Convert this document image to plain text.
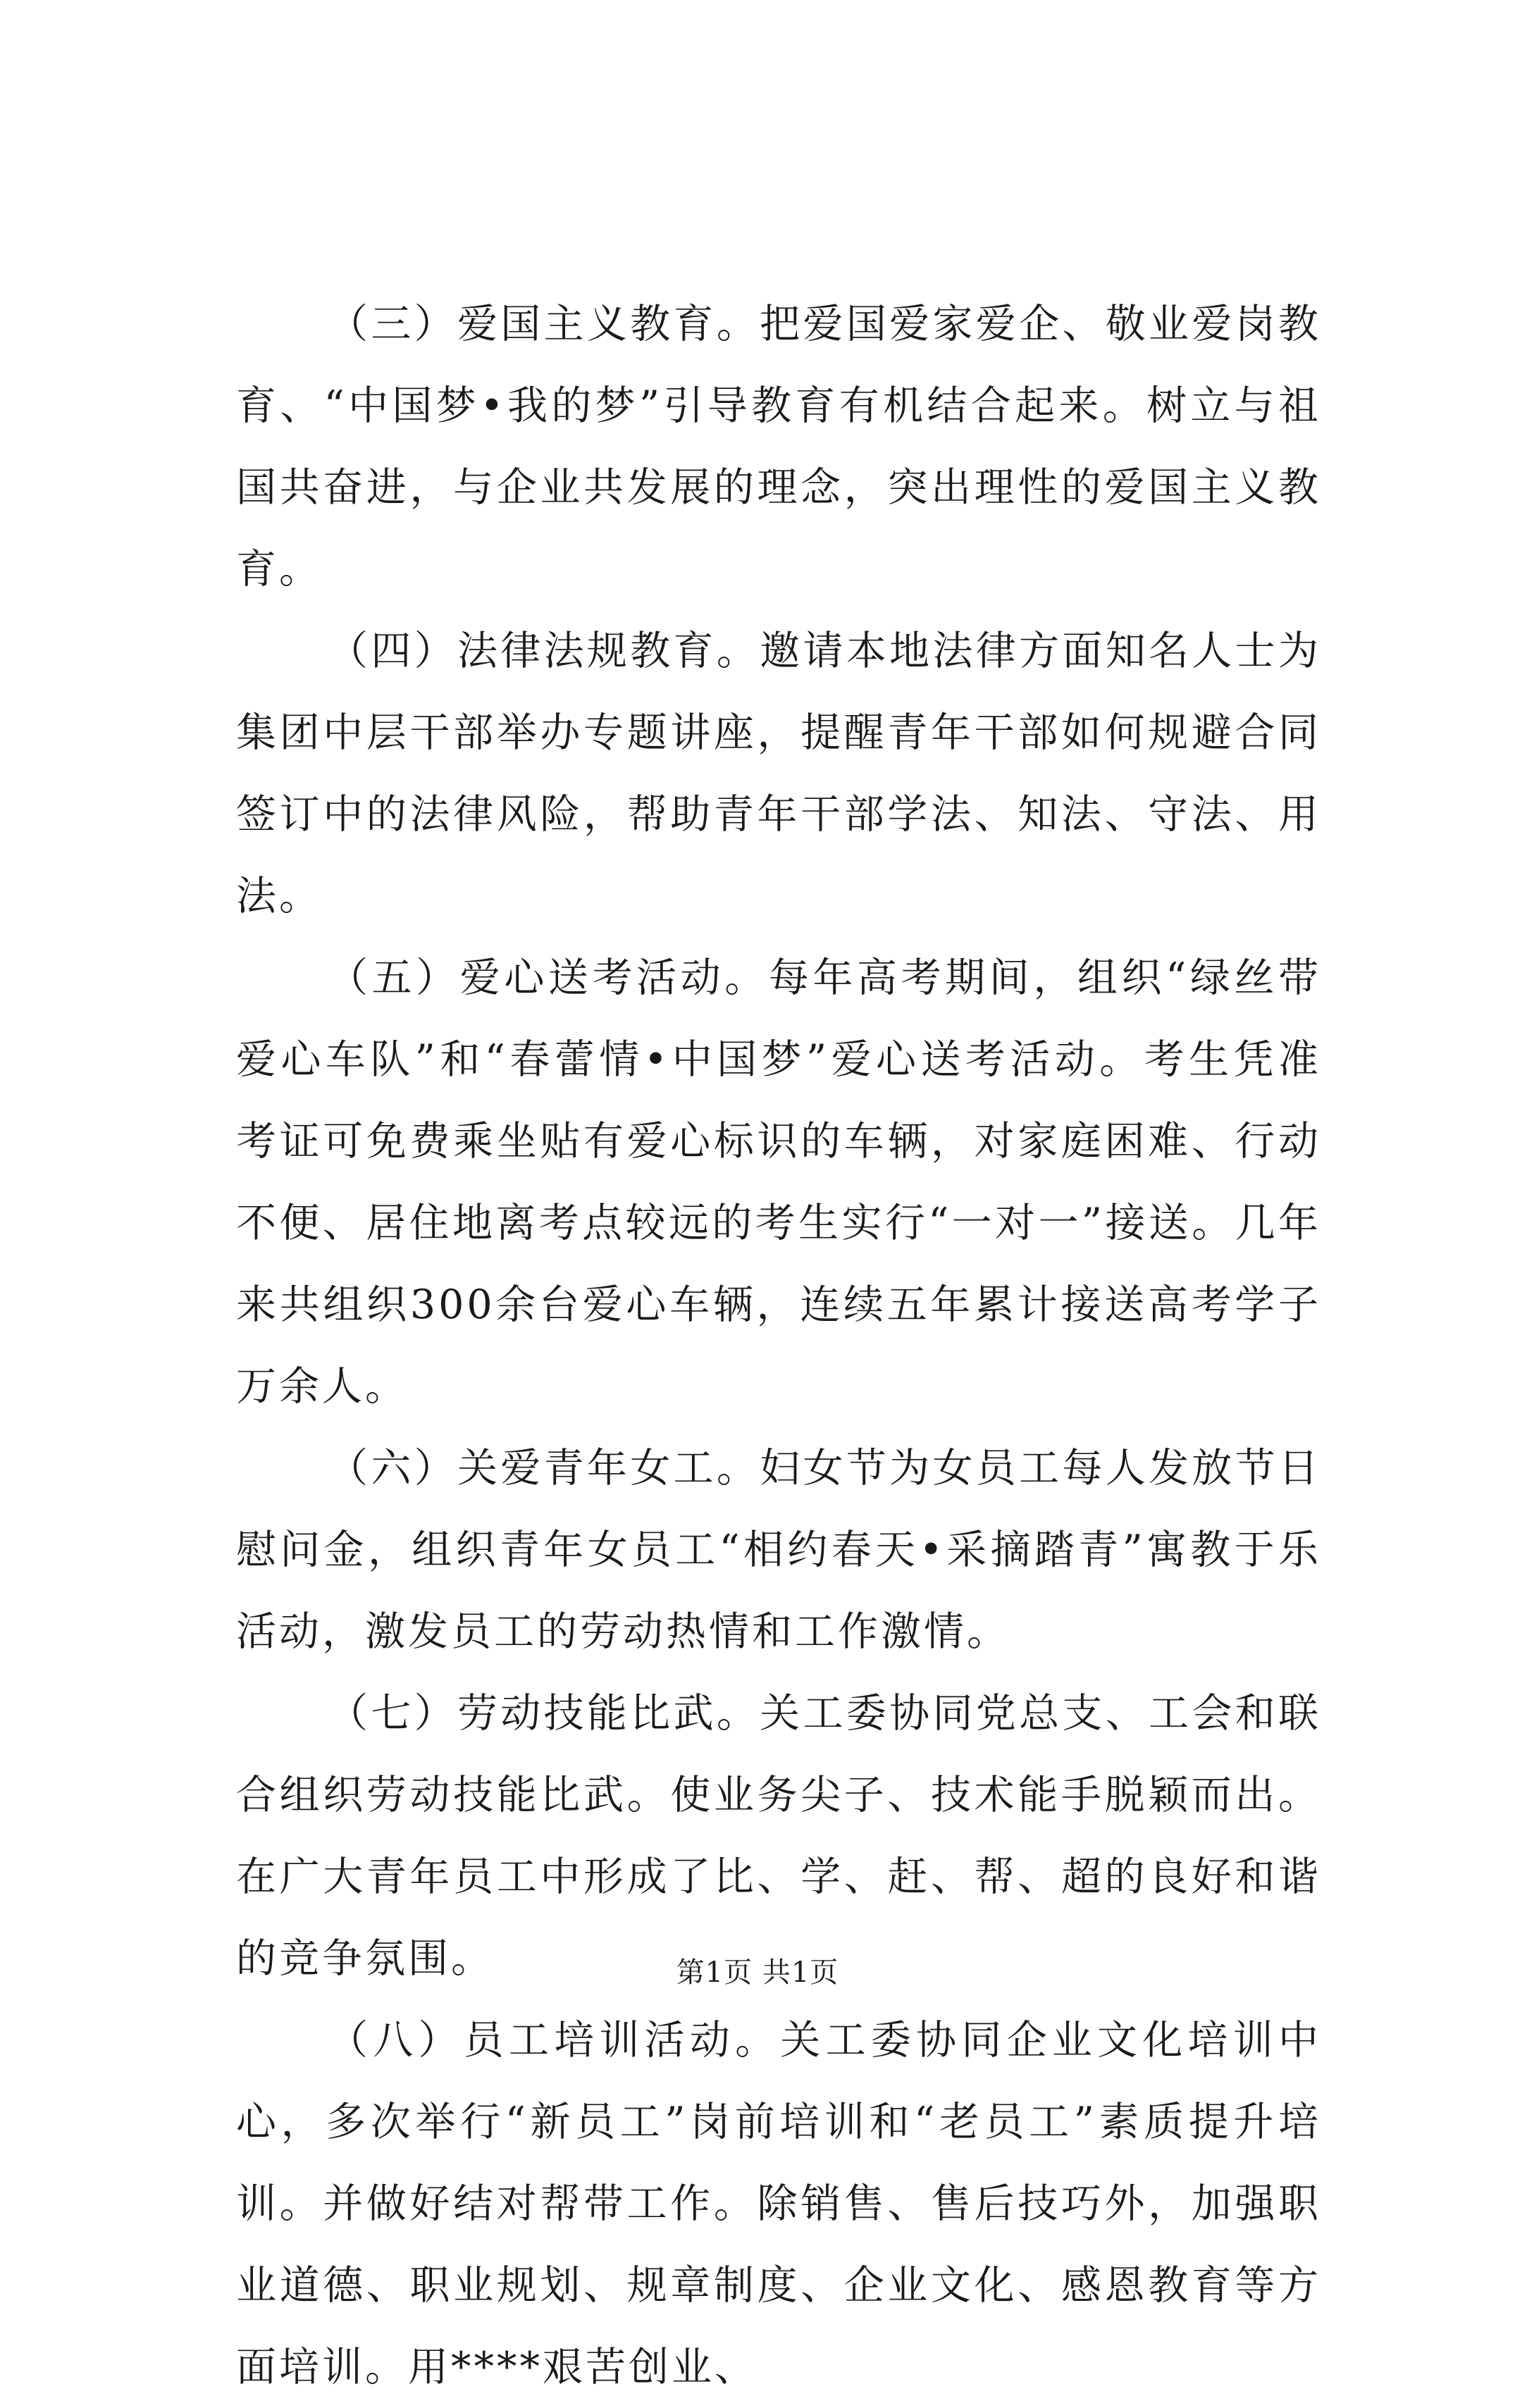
（三）爱国主义教育。把爱国爱家爱企、敬业爱岗教育、“中国梦•我的梦”引导教育有机结合起来。树立与祖国共奋进，与企业共发展的理念，突出理性的爱国主义教育。

（四）法律法规教育。邀请本地法律方面知名人士为集团中层干部举办专题讲座，提醒青年干部如何规避合同签订中的法律风险，帮助青年干部学法、知法、守法、用法。

（五）爱心送考活动。每年高考期间，组织“绿丝带爱心车队”和“春蕾情•中国梦”爱心送考活动。考生凭准考证可免费乘坐贴有爱心标识的车辆，对家庭困难、行动不便、居住地离考点较远的考生实行“一对一”接送。几年来共组织300余台爱心车辆，连续五年累计接送高考学子万余人。

（六）关爱青年女工。妇女节为女员工每人发放节日慰问金，组织青年女员工“相约春天•采摘踏青”寓教于乐活动，激发员工的劳动热情和工作激情。

（七）劳动技能比武。关工委协同党总支、工会和联合组织劳动技能比武。使业务尖子、技术能手脱颖而出。在广大青年员工中形成了比、学、赶、帮、超的良好和谐的竞争氛围。

（八）员工培训活动。关工委协同企业文化培训中心，多次举行“新员工”岗前培训和“老员工”素质提升培训。并做好结对帮带工作。除销售、售后技巧外，加强职业道德、职业规划、规章制度、企业文化、感恩教育等方面培训。用****艰苦创业、

第1页 共1页
